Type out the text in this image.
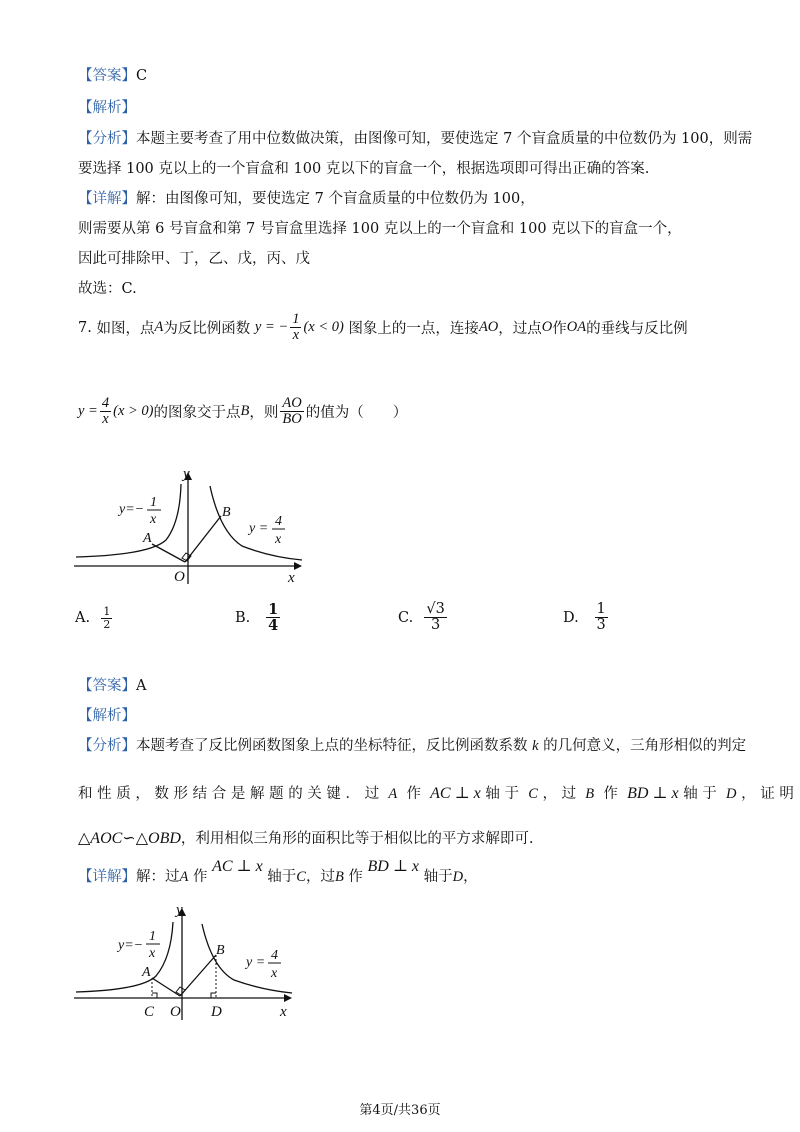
【答案】C
【解析】
【分析】本题主要考查了用中位数做决策，由图像可知，要使选定 7 个盲盒质量的中位数仍为 100，则需
要选择 100 克以上的一个盲盒和 100 克以下的盲盒一个，根据选项即可得出正确的答案.
【详解】解：由图像可知，要使选定 7 个盲盒质量的中位数仍为 100，
则需要从第 6 号盲盒和第 7 号盲盒里选择 100 克以上的一个盲盒和 100 克以下的盲盒一个，
因此可排除甲、丁，乙、戊，丙、戊
故选：C.
7.
如图，点 A 为反比例函数
y = − $\frac{1}{x} (x < 0)$
图象上的一点，连接 AO ，过点 O 作 OA 的垂线与反比例
$y = \frac{4}{x} (x > 0)$ 的图象交于点 B ，则 $\frac{AO}{BO}$ 的值为（　　）
y
x
O
A
B
y=− 1
x
y = 4
x
A.
$\frac{1}{2}$	B.
$\frac{1}{4}$	C.
$\frac{√3}{3}$	D.
$\frac{1}{3}$
【答案】A
【解析】
【分析】本题考查了反比例函数图象上点的坐标特征，反比例函数系数 k 的几何意义，三角形相似的判定
和 性 质 ， 数 形 结 合 是 解 题 的 关 键 ． 过 A 作 AC ⊥ x 轴 于 C ， 过 B 作 BD ⊥ x 轴 于 D ， 证 明
△AOC∽△OBD，利用相似三角形的面积比等于相似比的平方求解即可.
【详解】解：过A 作 AC ⊥ x 轴于C，过B 作 BD ⊥ x 轴于D，
y
x
O
C	D
A
B
y=−
1
x
y = 4
x
第4页/共36页
